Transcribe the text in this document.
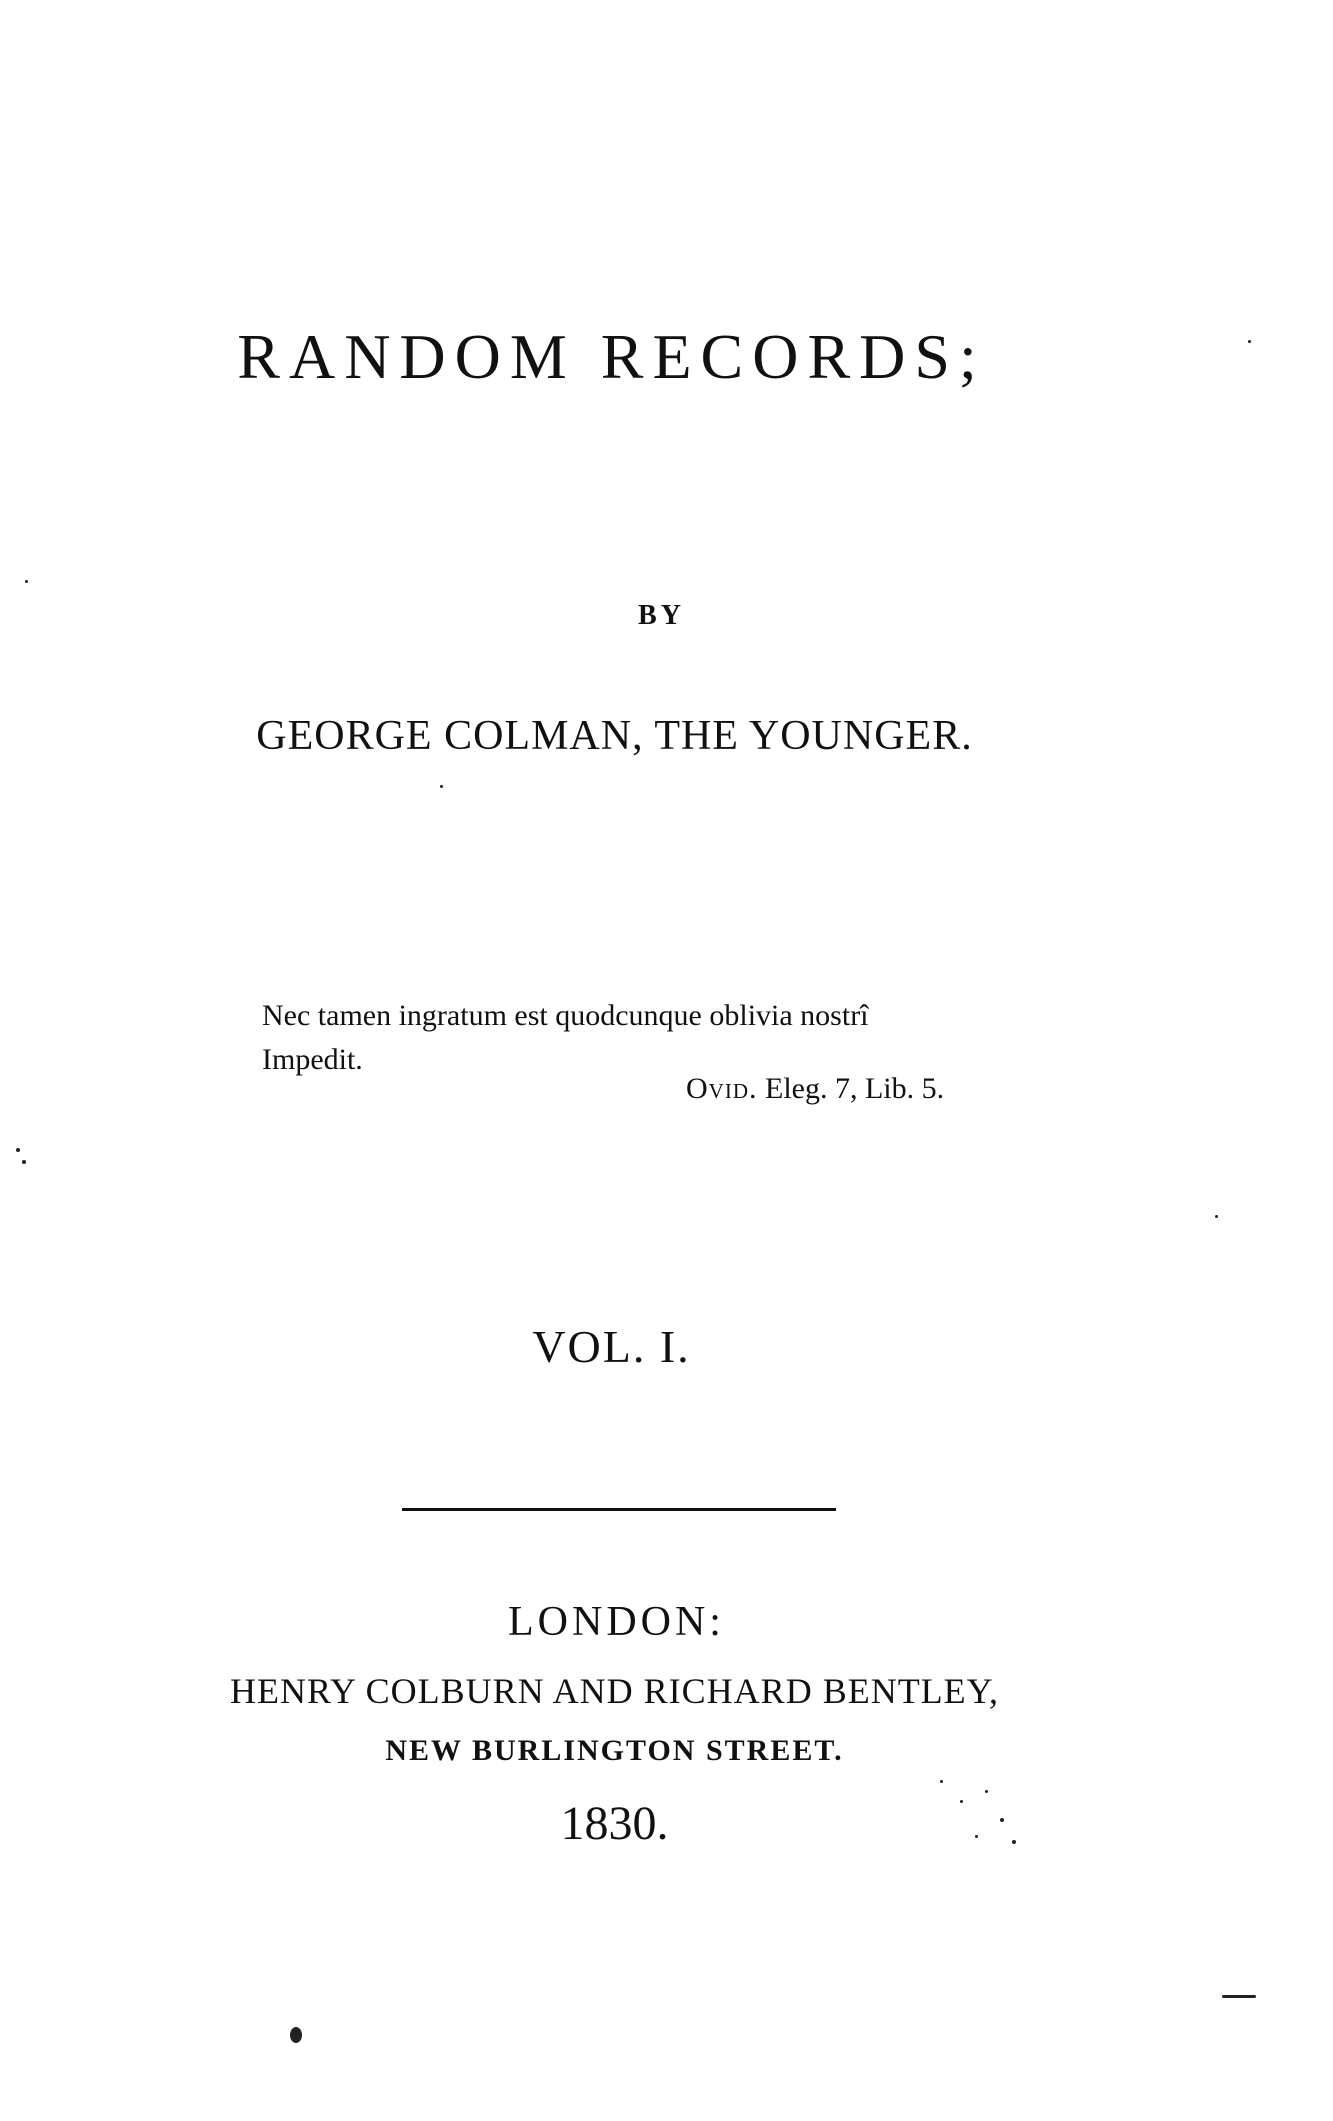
RANDOM RECORDS;
BY
GEORGE COLMAN, THE YOUNGER.
Nec tamen ingratum est quodcunque oblivia nostrî
Impedit.
Ovid. Eleg. 7, Lib. 5.
VOL. I.
LONDON:
HENRY COLBURN AND RICHARD BENTLEY,
NEW BURLINGTON STREET.
1830.
